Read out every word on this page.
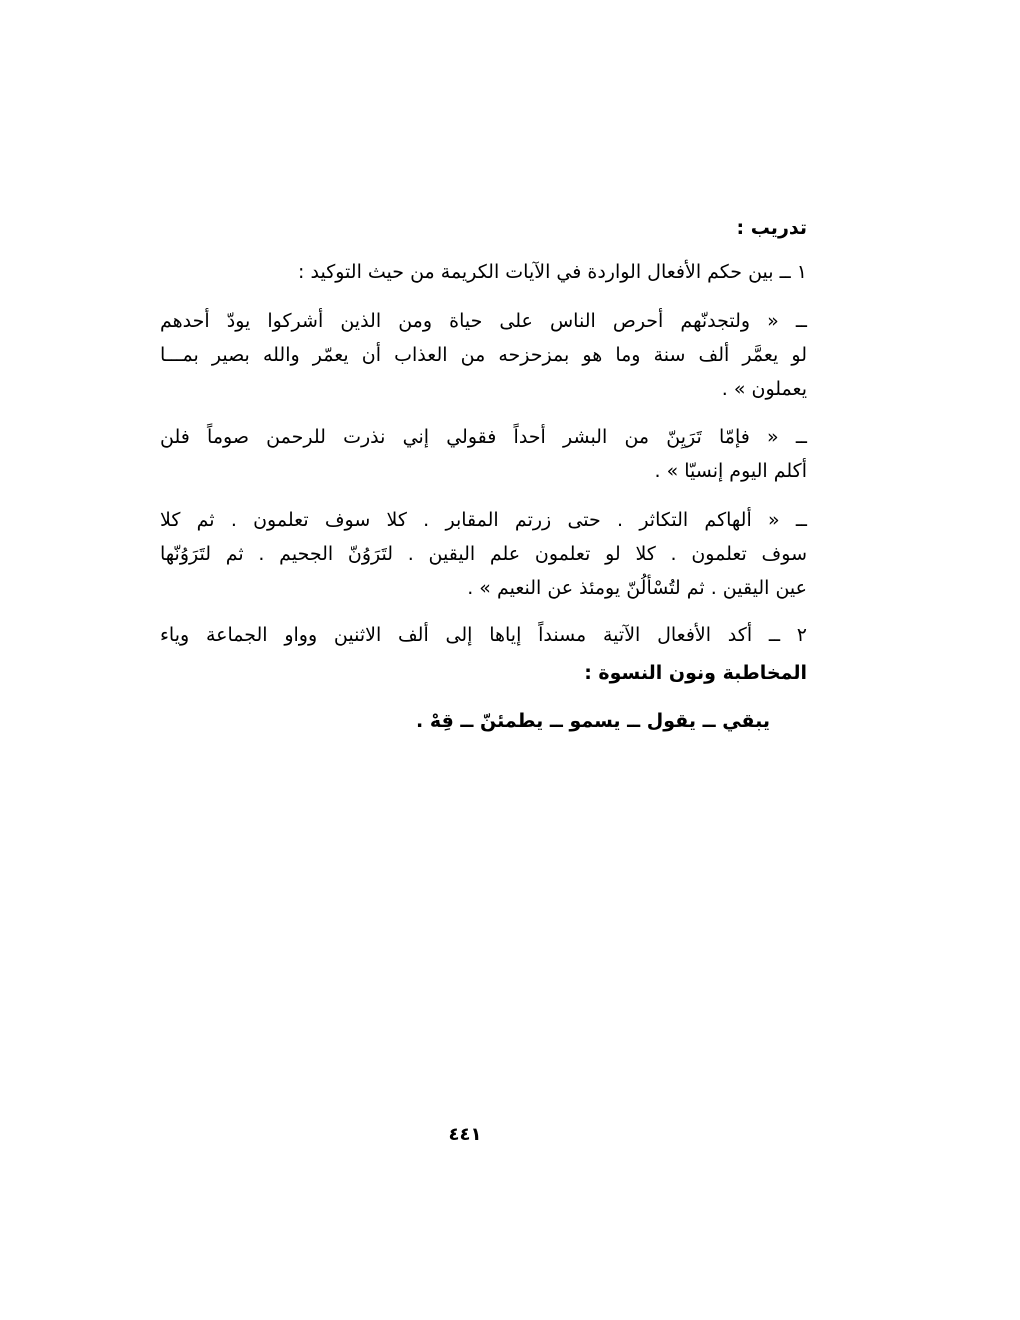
تدريب :
١ ــ بين حكم الأفعال الواردة في الآيات الكريمة من حيث التوكيد :
ــ « ولتجدنّهم أحرص الناس على حياة ومن الذين أشركوا يودّ أحدهم
لو يعمَّر ألف سنة وما هو بمزحزحه من العذاب أن يعمّر والله بصير بمـــا
يعملون » .
ــ « فإمّا تَرَيِنّ من البشر أحداً فقولي إني نذرت للرحمن صوماً فلن
أكلم اليوم إنسيّا » .
ــ « ألهاكم التكاثر . حتى زرتم المقابر . كلا سوف تعلمون . ثم كلا
سوف تعلمون . كلا لو تعلمون علم اليقين . لتَرَوُنّ الجحيم . ثم لتَرَوُنّها
عين اليقين . ثم لتُسْألُنّ يومئذ عن النعيم » .
٢ ــ أكد الأفعال الآتية مسنداً إياها إلى ألف الاثنين وواو الجماعة وياء
المخاطبة ونون النسوة :
يبقي ــ يقول ــ يسمو ــ يطمئنّ ــ قِهْ .
٤٤١
